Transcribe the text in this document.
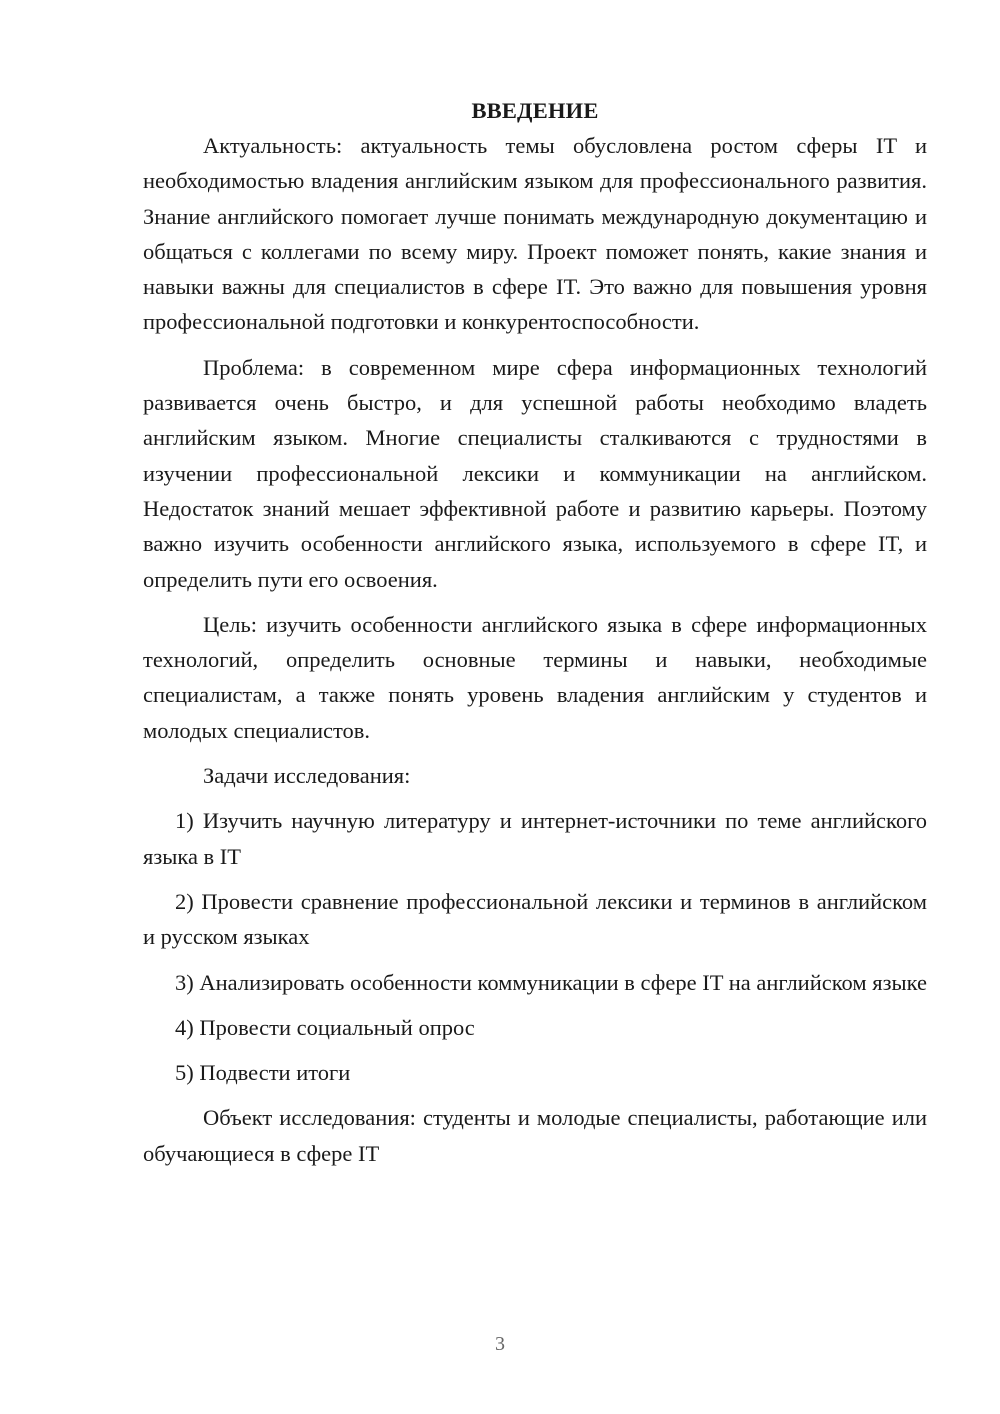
ВВЕДЕНИЕ

Актуальность: актуальность темы обусловлена ростом сферы IT и необходимостью владения английским языком для профессионального развития. Знание английского помогает лучше понимать международную документацию и общаться с коллегами по всему миру. Проект поможет понять, какие знания и навыки важны для специалистов в сфере IT. Это важно для повышения уровня профессиональной подготовки и конкурентоспособности.

Проблема: в современном мире сфера информационных технологий развивается очень быстро, и для успешной работы необходимо владеть английским языком. Многие специалисты сталкиваются с трудностями в изучении профессиональной лексики и коммуникации на английском. Недостаток знаний мешает эффективной работе и развитию карьеры. Поэтому важно изучить особенности английского языка, используемого в сфере IT, и определить пути его освоения.

Цель: изучить особенности английского языка в сфере информационных технологий, определить основные термины и навыки, необходимые специалистам, а также понять уровень владения английским у студентов и молодых специалистов.

Задачи исследования:

1) Изучить научную литературу и интернет-источники по теме английского языка в IT

2) Провести сравнение профессиональной лексики и терминов в английском и русском языках

3) Анализировать особенности коммуникации в сфере IT на английском языке

4) Провести социальный опрос

5) Подвести итоги

Объект исследования: студенты и молодые специалисты, работающие или обучающиеся в сфере IT

3
